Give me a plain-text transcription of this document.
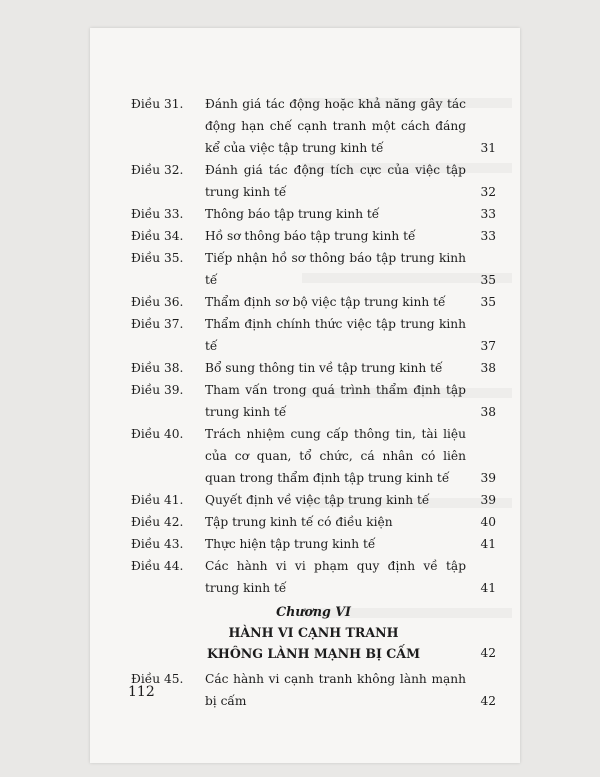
Điều 31.	Đánh giá tác động hoặc khả năng gây tác động hạn chế cạnh tranh một cách đáng kể của việc tập trung kinh tế	31
Điều 32.	Đánh giá tác động tích cực của việc tập trung kinh tế	32
Điều 33.	Thông báo tập trung kinh tế	33
Điều 34.	Hồ sơ thông báo tập trung kinh tế	33
Điều 35.	Tiếp nhận hồ sơ thông báo tập trung kinh tế	35
Điều 36.	Thẩm định sơ bộ việc tập trung kinh tế	35
Điều 37.	Thẩm định chính thức việc tập trung kinh tế	37
Điều 38.	Bổ sung thông tin về tập trung kinh tế	38
Điều 39.	Tham vấn trong quá trình thẩm định tập trung kinh tế	38
Điều 40.	Trách nhiệm cung cấp thông tin, tài liệu của cơ quan, tổ chức, cá nhân có liên quan trong thẩm định tập trung kinh tế	39
Điều 41.	Quyết định về việc tập trung kinh tế	39
Điều 42.	Tập trung kinh tế có điều kiện	40
Điều 43.	Thực hiện tập trung kinh tế	41
Điều 44.	Các hành vi vi phạm quy định về tập trung kinh tế	41
Chương VI
HÀNH VI CẠNH TRANH
KHÔNG LÀNH MẠNH BỊ CẤM	42
Điều 45.	Các hành vi cạnh tranh không lành mạnh bị cấm	42
112
